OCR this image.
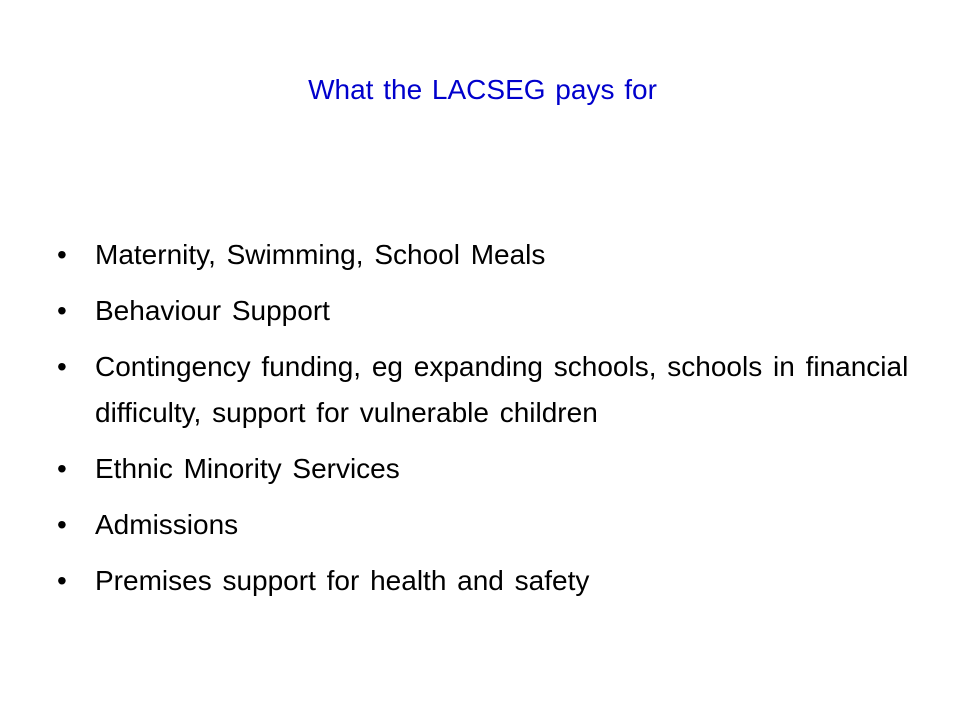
What the LACSEG pays for
•	Maternity, Swimming, School Meals
•	Behaviour Support
•	Contingency funding, eg expanding schools, schools in financial difficulty, support for vulnerable children
•	Ethnic Minority Services
•	Admissions
•	Premises support for health and safety
